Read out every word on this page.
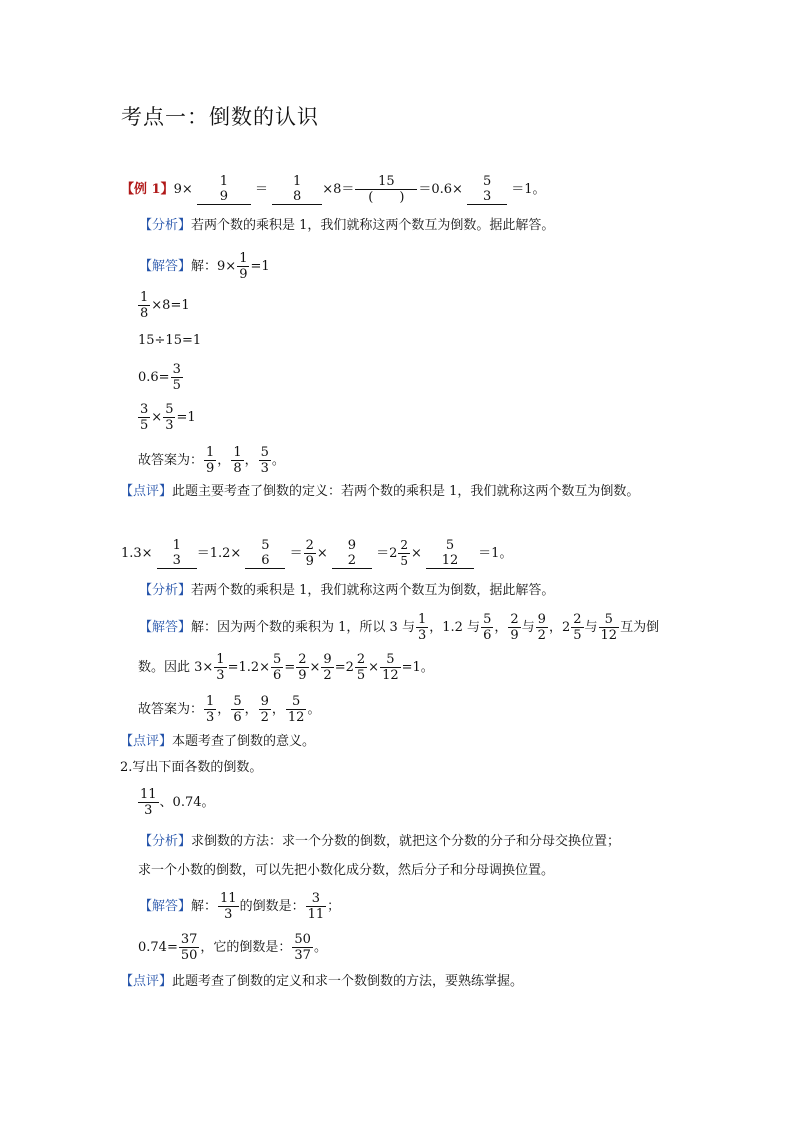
考点一：倒数的认识
【例 1】9×
1
9 ＝
1
$8 \times 8= \frac{15}{( )} =0.6\times$
5
3 ＝1。
【分析】若两个数的乘积是 1，我们就称这两个数互为倒数。据此解答。
【解答】解：$9\times \frac{1}{9} =1$
$\frac{1}{8} \times 8=1$
15÷15=1
$0.6= \frac{3}{5}$
$\frac{3}{5} \times \frac{5}{3} =1$
故答案为： $\frac{1}{9}$ ， $\frac{1}{8}$ ， $\frac{5}{3}$ 。
【点评】此题主要考查了倒数的定义：若两个数的乘积是 1，我们就称这两个数互为倒数。
1.3×
1
3 ＝1.2×
5
$6 = \frac{2}{9}$ ×
9
$2 =2 \frac{2}{5}$ ×
5
12 ＝1。
【分析】若两个数的乘积是 1，我们就称这两个数互为倒数，据此解答。
【解答】解：因为两个数的乘积为 1，所以 3 与 $\frac{1}{3}$ ，1.2 与 $\frac{5}{6}$ ， $\frac{2}{9}$ 与 $\frac{9}{2}$ ，$2 \frac{2}{5}$ 与 $\frac{5}{12}$ 互为倒
数。因此 $3\times \frac{1}{3} =1.2\times \frac{5}{6} = \frac{2}{9} \times \frac{9}{2} =2 \frac{2}{5} \times \frac{5}{12} =1$。
故答案为： $\frac{1}{3}$ ， $\frac{5}{6}$ ， $\frac{9}{2}$ ， $\frac{5}{12}$ 。
【点评】本题考查了倒数的意义。
2.写出下面各数的倒数。
$\frac{11}{3}$ 、0.74。
【分析】求倒数的方法：求一个分数的倒数，就把这个分数的分子和分母交换位置；
求一个小数的倒数，可以先把小数化成分数，然后分子和分母调换位置。
【解答】解： $\frac{11}{3}$ 的倒数是： $\frac{3}{11}$ ；
$0.74= \frac{37}{50}$ ，它的倒数是： $\frac{50}{37}$ 。
【点评】此题考查了倒数的定义和求一个数倒数的方法，要熟练掌握。
